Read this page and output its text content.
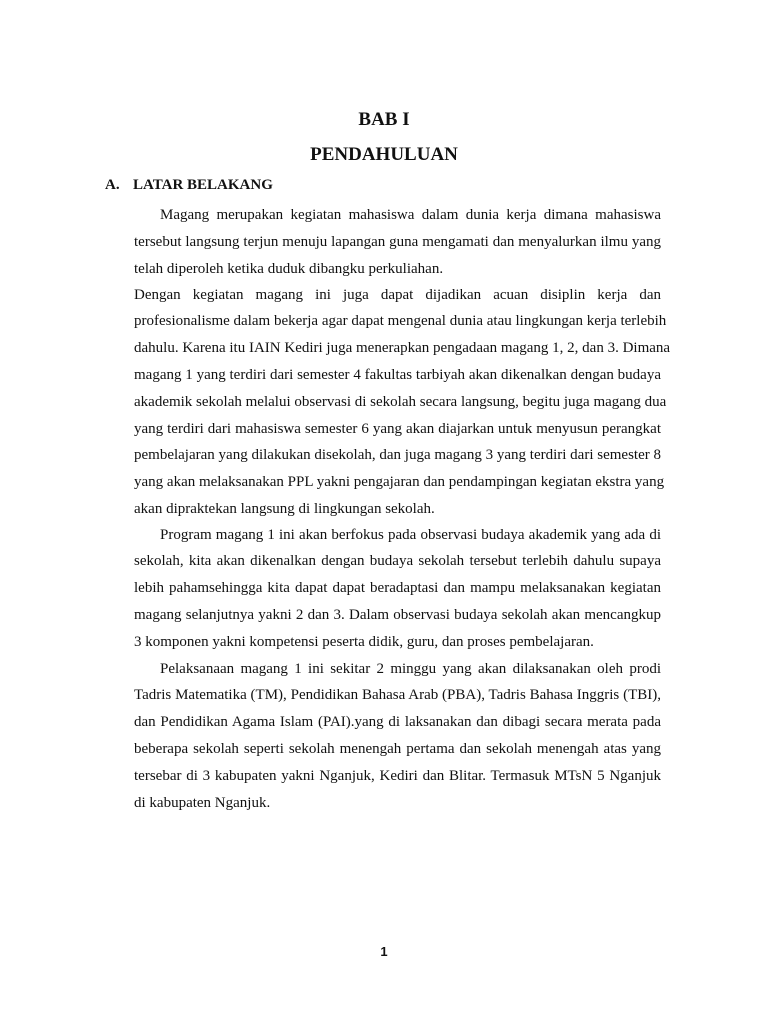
BAB I
PENDAHULUAN
A. LATAR BELAKANG
Magang merupakan kegiatan mahasiswa dalam dunia kerja dimana mahasiswa
tersebut langsung terjun menuju lapangan guna mengamati dan menyalurkan ilmu yang
telah diperoleh ketika duduk dibangku perkuliahan.
Dengan kegiatan magang ini juga dapat dijadikan acuan disiplin kerja dan
profesionalisme dalam bekerja agar dapat mengenal dunia atau lingkungan kerja terlebih
dahulu. Karena itu IAIN Kediri juga menerapkan pengadaan magang 1, 2, dan 3. Dimana
magang 1 yang terdiri dari semester 4 fakultas tarbiyah akan dikenalkan dengan budaya
akademik sekolah melalui observasi di sekolah secara langsung, begitu juga magang dua
yang terdiri dari mahasiswa semester 6 yang akan diajarkan untuk menyusun perangkat
pembelajaran yang dilakukan disekolah, dan juga magang 3 yang terdiri dari semester 8
yang akan melaksanakan PPL yakni pengajaran dan pendampingan kegiatan ekstra yang
akan dipraktekan langsung di lingkungan sekolah.
Program magang 1 ini akan berfokus pada observasi budaya akademik yang ada di
sekolah, kita akan dikenalkan dengan budaya sekolah tersebut terlebih dahulu supaya
lebih pahamsehingga kita dapat dapat beradaptasi dan mampu melaksanakan kegiatan
magang selanjutnya yakni 2 dan 3. Dalam observasi budaya sekolah akan mencangkup
3 komponen yakni kompetensi peserta didik, guru, dan proses pembelajaran.
Pelaksanaan magang 1 ini sekitar 2 minggu yang akan dilaksanakan oleh prodi
Tadris Matematika (TM), Pendidikan Bahasa Arab (PBA), Tadris Bahasa Inggris (TBI),
dan Pendidikan Agama Islam (PAI).yang di laksanakan dan dibagi secara merata pada
beberapa sekolah seperti sekolah menengah pertama dan sekolah menengah atas yang
tersebar di 3 kabupaten yakni Nganjuk, Kediri dan Blitar. Termasuk MTsN 5 Nganjuk
di kabupaten Nganjuk.
1
